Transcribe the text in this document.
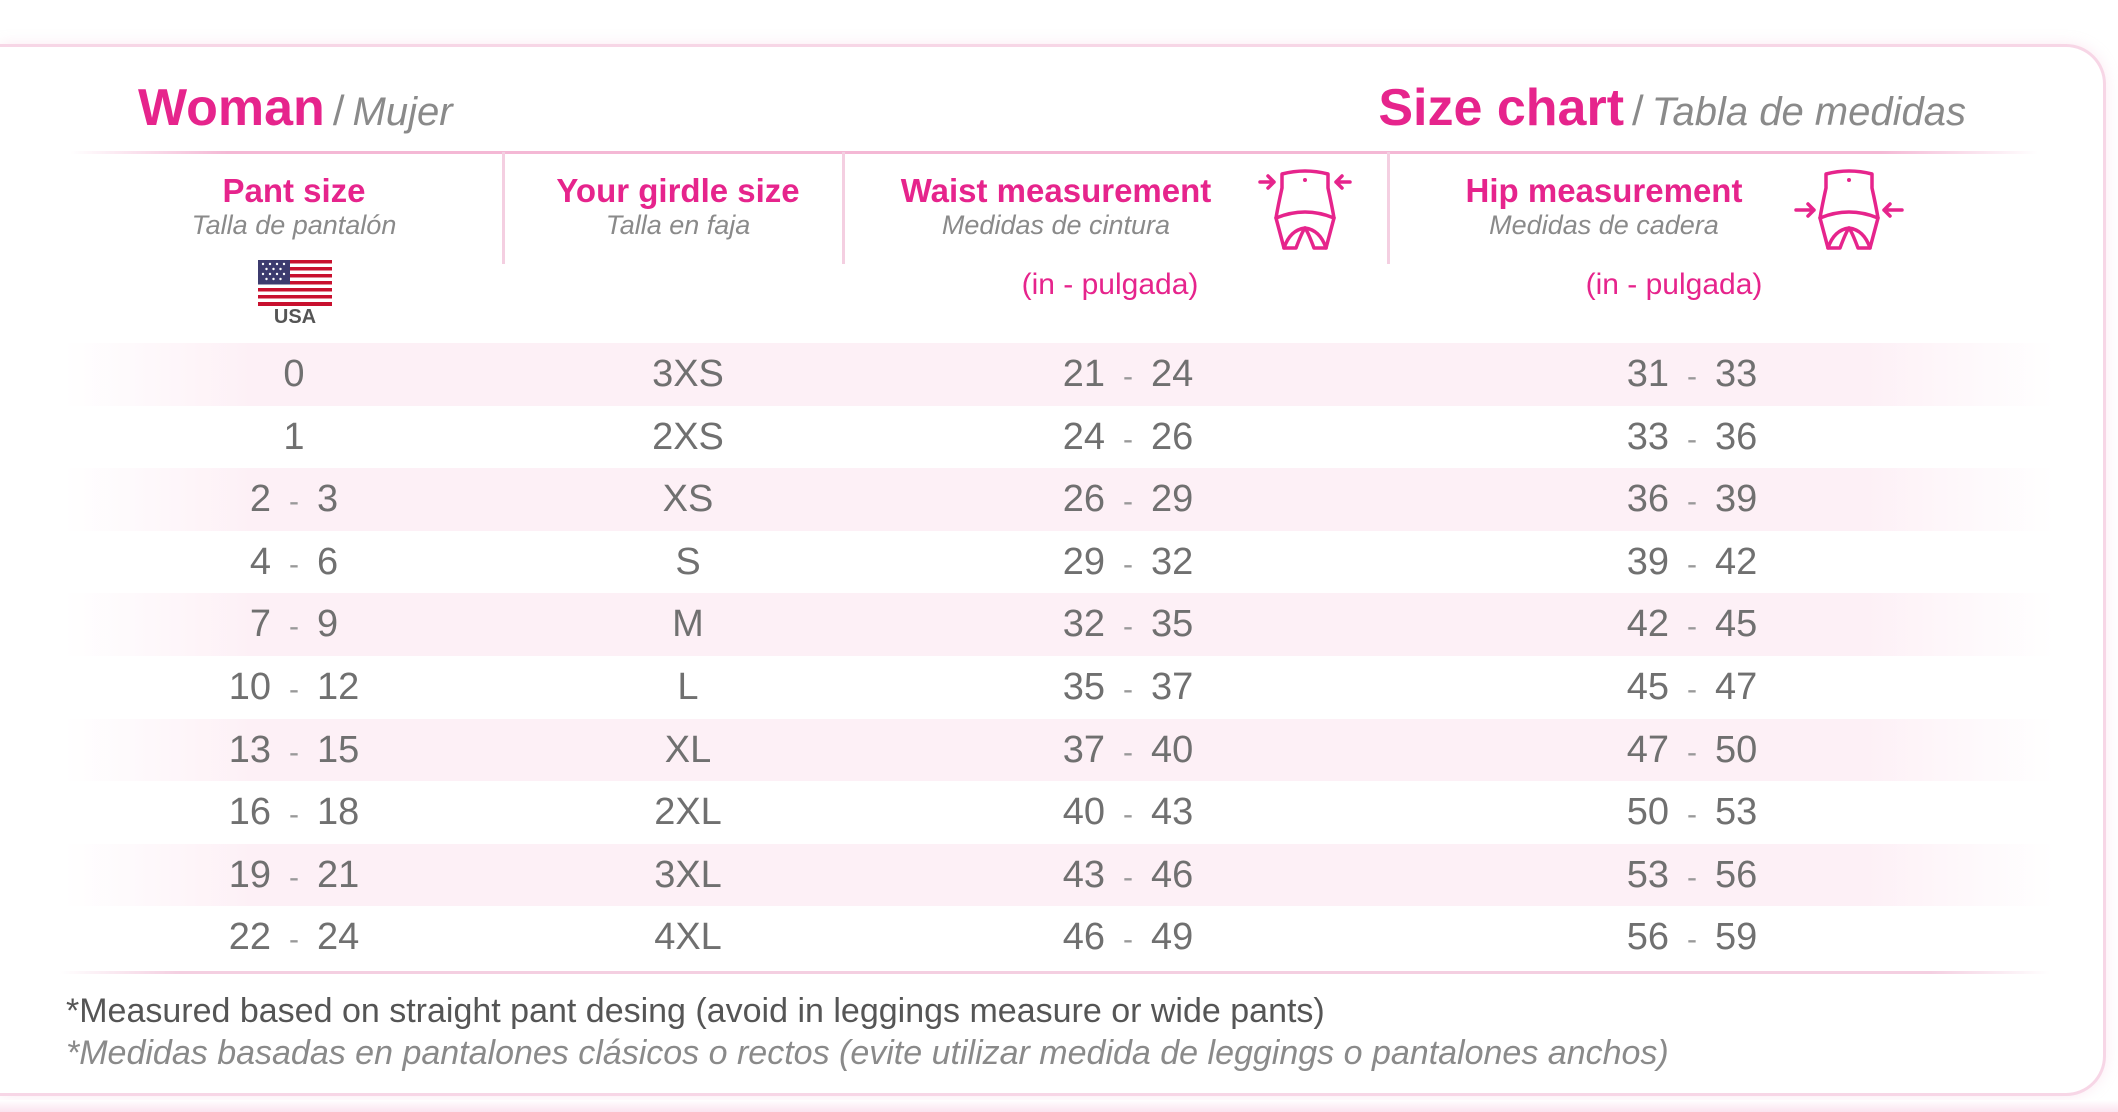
Woman / Mujer	Size chart / Tabla de medidas
Pant size
Talla de pantalón
Your girdle size
Talla en faja
Waist measurement
Medidas de cintura
Hip measurement
Medidas de cadera
(in - pulgada)	(in - pulgada)
USA
0	3XS	21 - 24	31 - 33
1	2XS	24 - 26	33 - 36
2 - 3	XS	26 - 29	36 - 39
4 - 6	S	29 - 32	39 - 42
7 - 9	M	32 - 35	42 - 45
10 - 12	L	35 - 37	45 - 47
13 - 15	XL	37 - 40	47 - 50
16 - 18	2XL	40 - 43	50 - 53
19 - 21	3XL	43 - 46	53 - 56
22 - 24	4XL	46 - 49	56 - 59
*Measured based on straight pant desing (avoid in leggings measure or wide pants)
*Medidas basadas en pantalones clásicos o rectos (evite utilizar medida de leggings o pantalones anchos)
